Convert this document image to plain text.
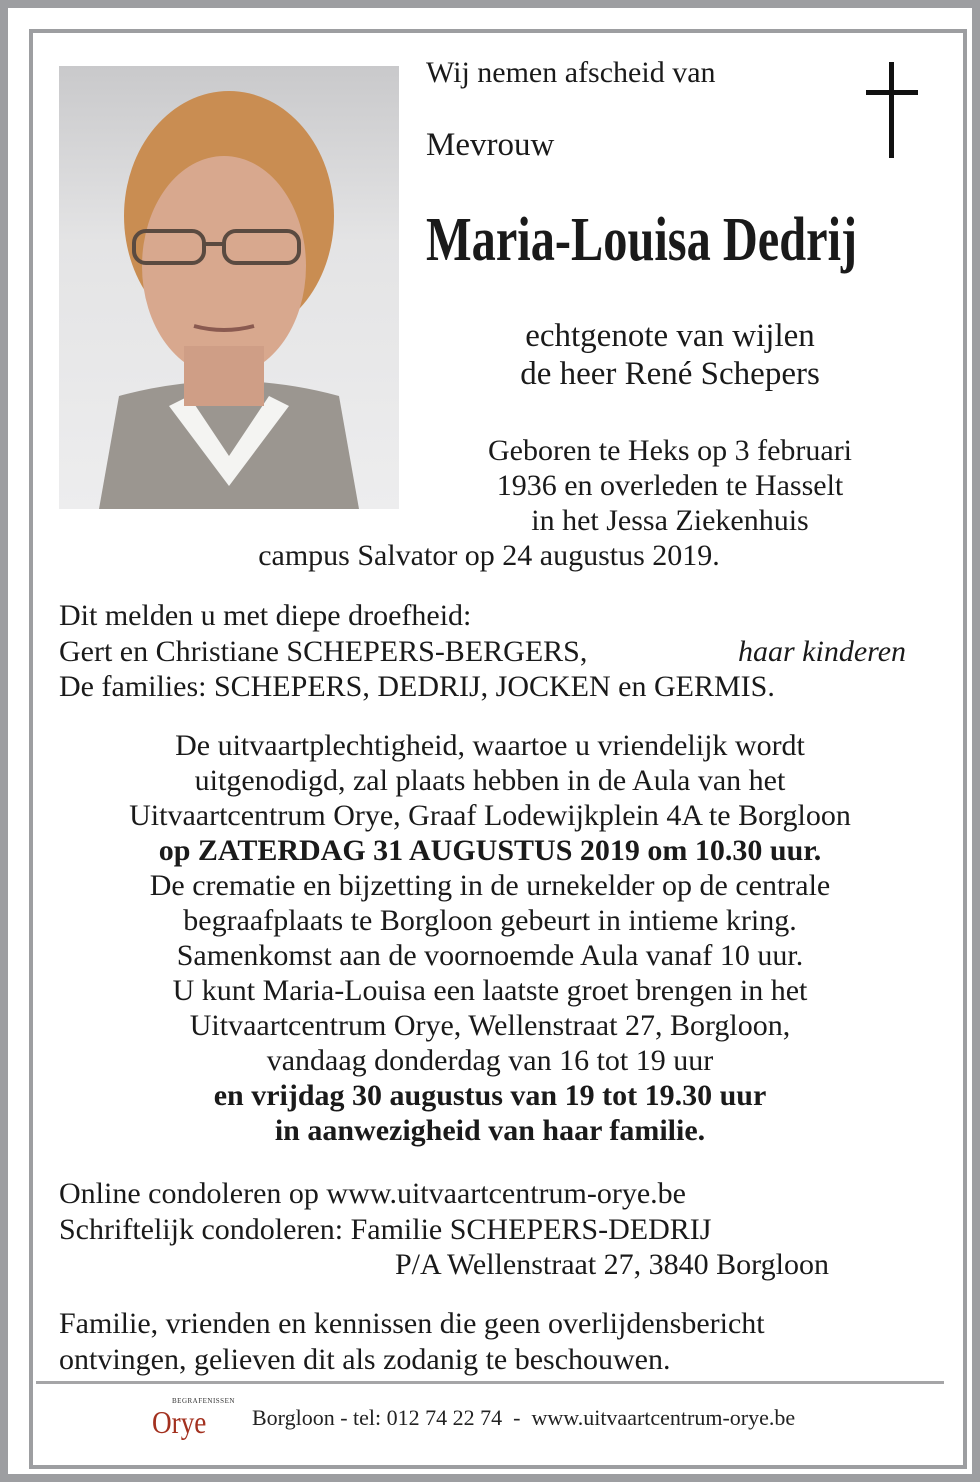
Wij nemen afscheid van
Mevrouw
Maria-Louisa Dedrij
echtgenote van wijlen
de heer René Schepers
Geboren te Heks op 3 februari
1936 en overleden te Hasselt
in het Jessa Ziekenhuis
campus Salvator op 24 augustus 2019.
Dit melden u met diepe droefheid:
Gert en Christiane SCHEPERS-BERGERS,	haar kinderen
De families: SCHEPERS, DEDRIJ, JOCKEN en GERMIS.
De uitvaartplechtigheid, waartoe u vriendelijk wordt
uitgenodigd, zal plaats hebben in de Aula van het
Uitvaartcentrum Orye, Graaf Lodewijkplein 4A te Borgloon
op ZATERDAG 31 AUGUSTUS 2019 om 10.30 uur.
De crematie en bijzetting in de urnekelder op de centrale
begraafplaats te Borgloon gebeurt in intieme kring.
Samenkomst aan de voornoemde Aula vanaf 10 uur.
U kunt Maria-Louisa een laatste groet brengen in het
Uitvaartcentrum Orye, Wellenstraat 27, Borgloon,
vandaag donderdag van 16 tot 19 uur
en vrijdag 30 augustus van 19 tot 19.30 uur
in aanwezigheid van haar familie.
Online condoleren op www.uitvaartcentrum-orye.be
Schriftelijk condoleren: Familie SCHEPERS-DEDRIJ
P/A Wellenstraat 27, 3840 Borgloon
Familie, vrienden en kennissen die geen overlijdensbericht
ontvingen, gelieven dit als zodanig te beschouwen.
BEGRAFENISSEN
Orye Borgloon - tel: 012 74 22 74  -  www.uitvaartcentrum-orye.be
